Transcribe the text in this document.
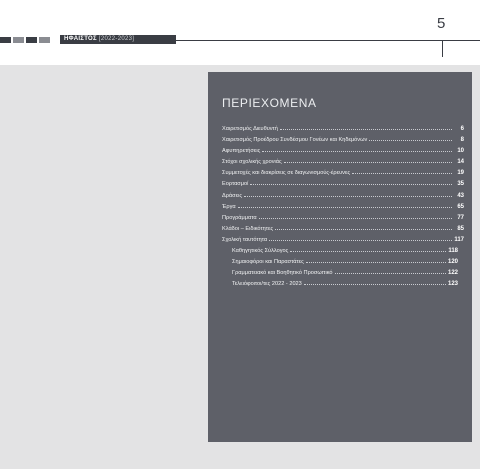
ΗΦΑΙΣΤΟΣ [2022-2023]
5
ΠΕΡΙΕΧΟΜΕΝΑ
Χαιρετισμός Διευθυντή	6
Χαιρετισμός Προέδρου Συνδέσμου Γονέων και Κηδεμόνων	8
Αφυπηρετήσεις	10
Στόχοι σχολικής χρονιάς	14
Συμμετοχές και διακρίσεις σε διαγωνισμούς-έρευνες	19
Εορτασμοί	35
Δράσεις	43
Έργα	65
Προγράμματα	77
Κλάδοι – Ειδικότητες	85
Σχολική ταυτότητα	117
Καθηγητικός Σύλλογος	118
Σημαιοφόροι και Παραστάτες	120
Γραμματειακό και Βοηθητικό Προσωπικό	122
Τελειόφοιτοι/τες 2022 - 2023	123
